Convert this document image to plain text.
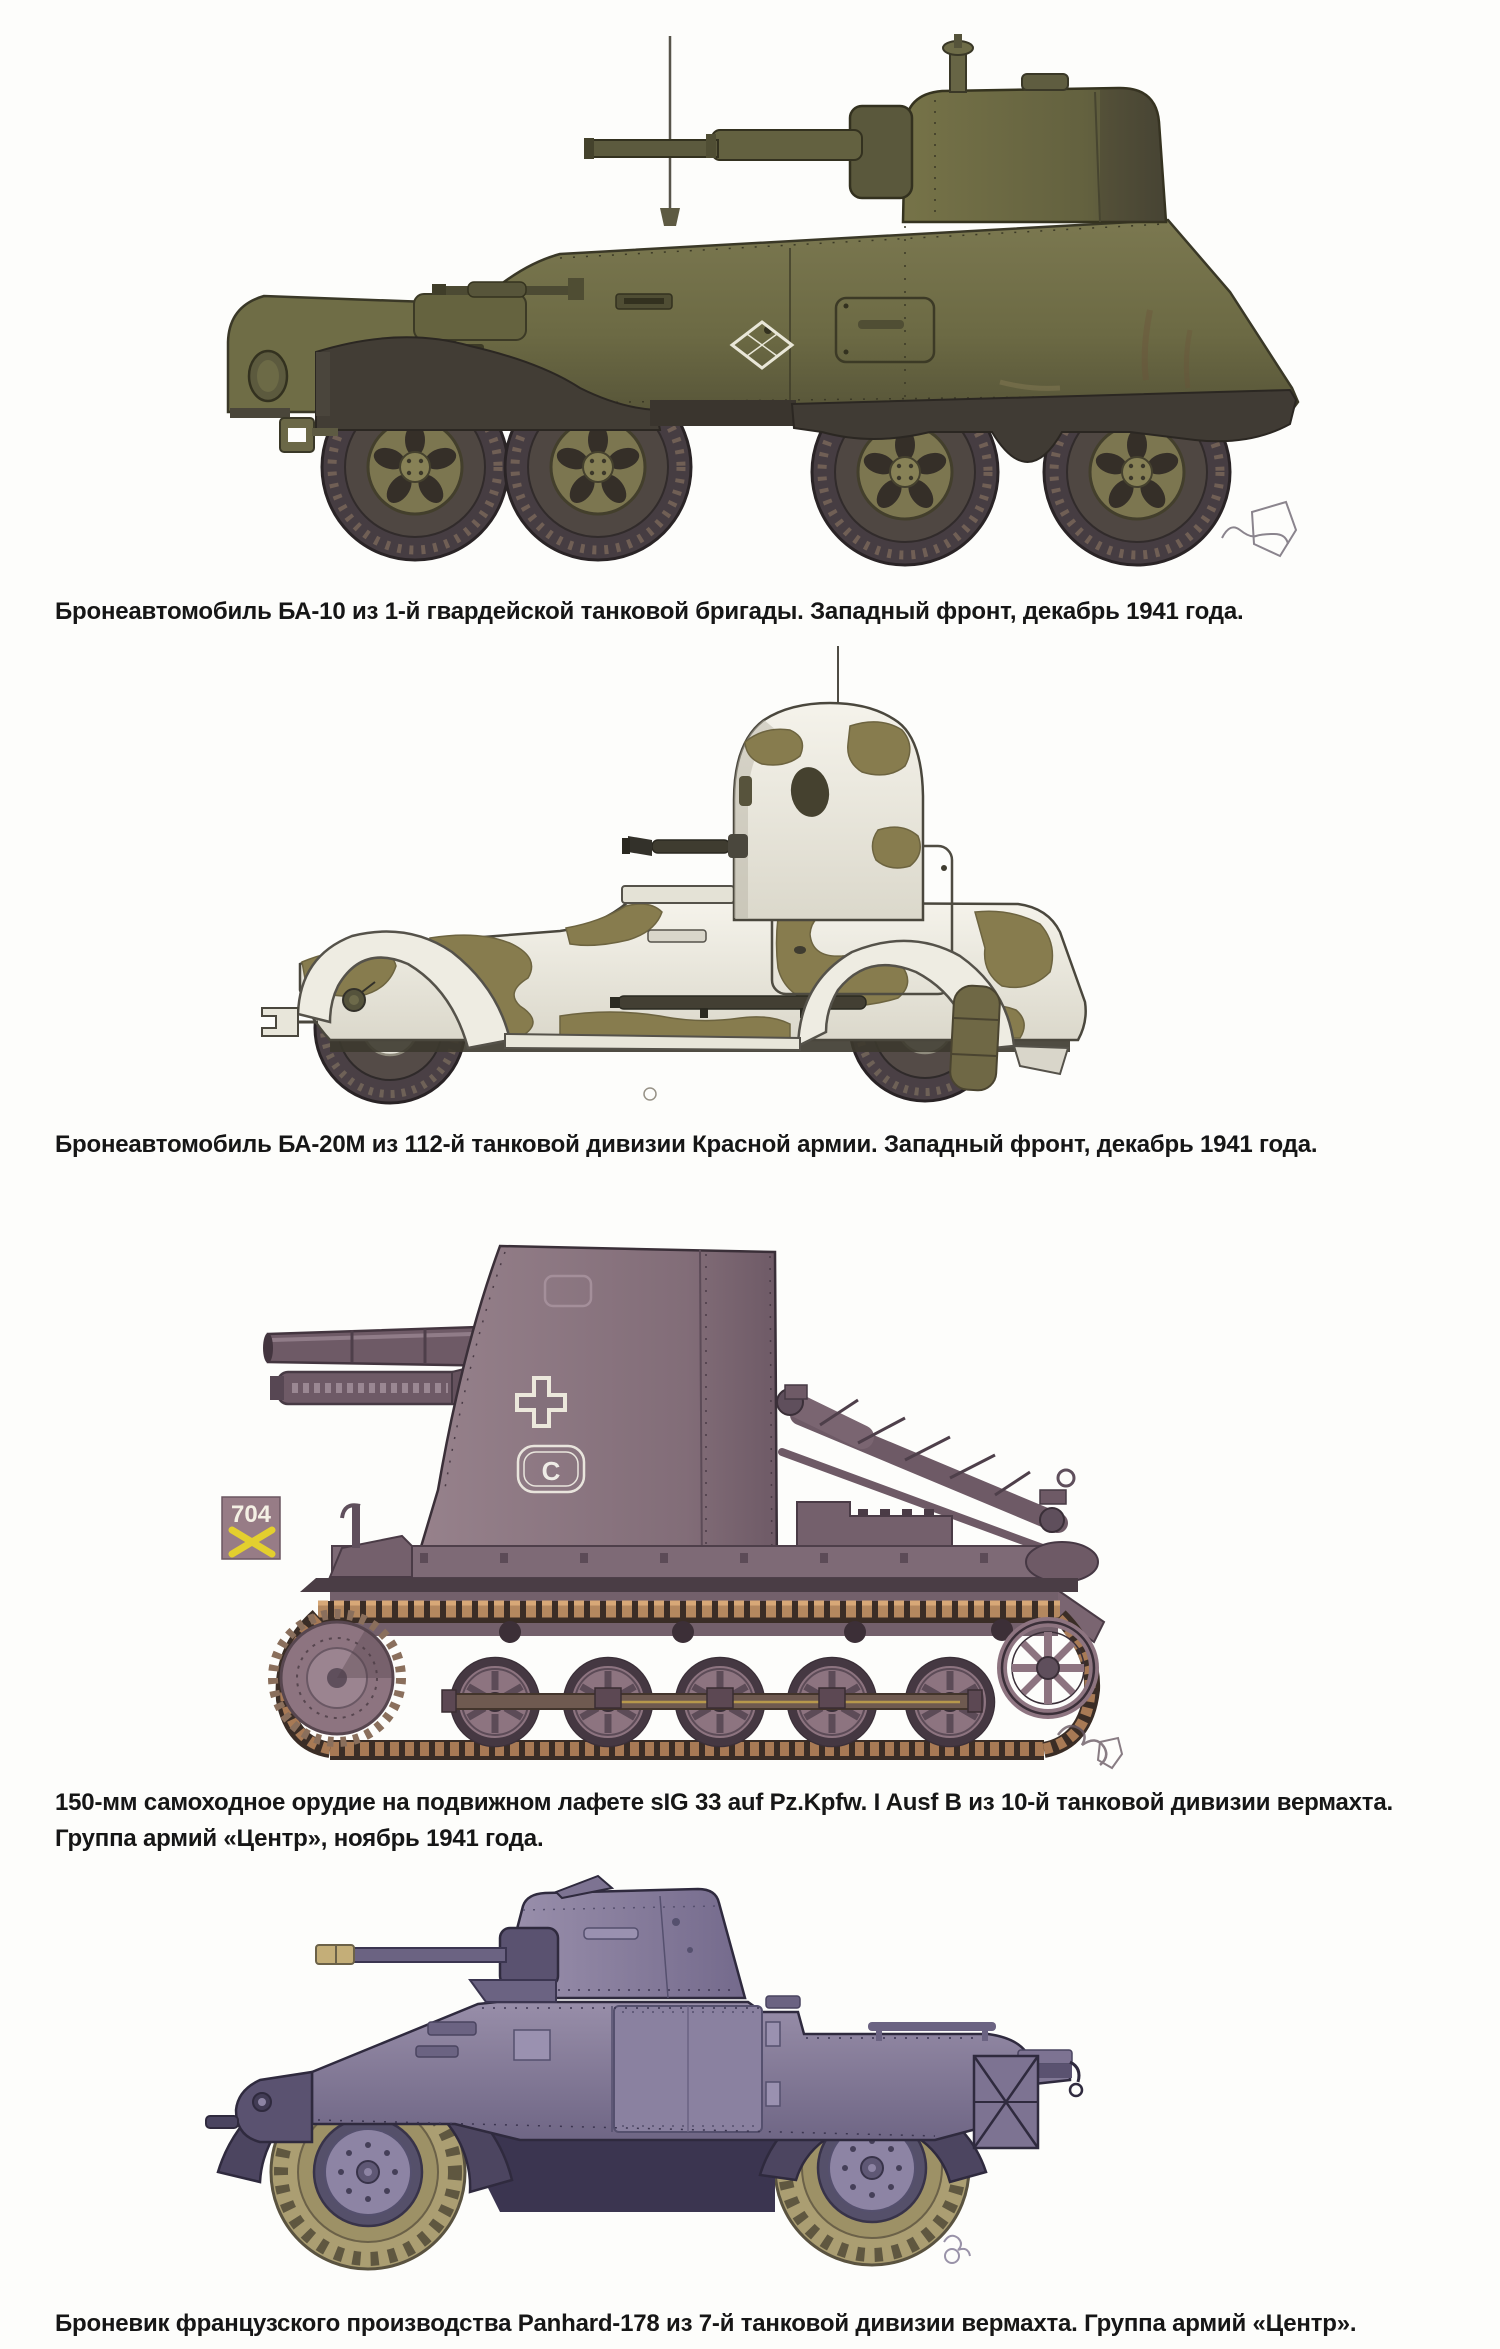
704
C
Бронеавтомобиль БА-10 из 1-й гвардейской танковой бригады. Западный фронт, декабрь 1941 года.
Бронеавтомобиль БА-20М из 112-й танковой дивизии Красной армии. Западный фронт, декабрь 1941 года.
150-мм самоходное орудие на подвижном лафете sIG 33 auf Pz.Kpfw. I Ausf B из 10-й танковой дивизии вермахта. Группа армий «Центр», ноябрь 1941 года.
Броневик французского производства Panhard-178 из 7-й танковой дивизии вермахта. Группа армий «Центр».
